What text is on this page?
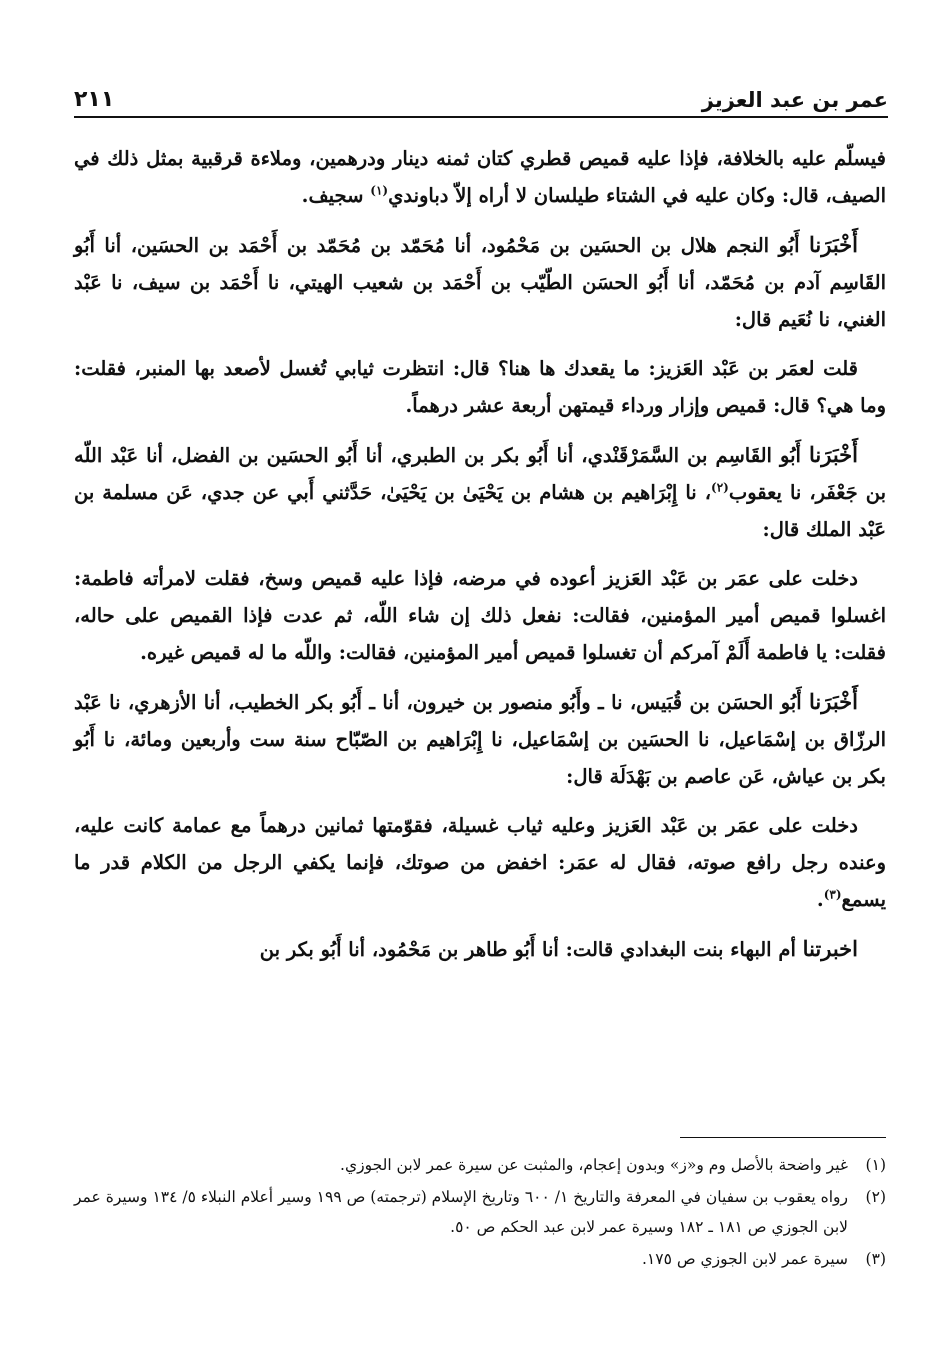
عمر بن عبد العزيز
٢١١

فيسلّم عليه بالخلافة، فإذا عليه قميص قطري كتان ثمنه دينار ودرهمين، وملاءة قرقبية بمثل ذلك في الصيف، قال: وكان عليه في الشتاء طيلسان لا أراه إلاّ دباوندي$^{(١)}$ سجيف.

أَخْبَرَنا أَبُو النجم هلال بن الحسَين بن مَحْمُود، أنا مُحَمّد بن مُحَمّد بن أَحْمَد بن الحسَين، أنا أَبُو القَاسِم آدم بن مُحَمّد، أنا أَبُو الحسَن الطّيّب بن أَحْمَد بن شعيب الهيتي، نا أَحْمَد بن سيف، نا عَبْد الغني، نا نُعَيم قال:

قلت لعمَر بن عَبْد العَزيز: ما يقعدك ها هنا؟ قال: انتظرت ثيابي تُغسل لأصعد بها المنبر، فقلت: وما هي؟ قال: قميص وإزار ورداء قيمتهن أربعة عشر درهماً.

أَخْبَرَنا أَبُو القَاسِم بن السَّمَرْقَنْدي، أنا أَبُو بكر بن الطبري، أنا أَبُو الحسَين بن الفضل، أنا عَبْد اللّه بن جَعْفَر، نا يعقوب$^{(٢)}$، نا إِبْرَاهيم بن هشام بن يَحْيَىٰ بن يَحْيَىٰ، حَدَّثني أَبي عن جدي، عَن مسلمة بن عَبْد الملك قال:

دخلت على عمَر بن عَبْد العَزيز أعوده في مرضه، فإذا عليه قميص وسخ، فقلت لامرأته فاطمة: اغسلوا قميص أمير المؤمنين، فقالت: نفعل ذلك إن شاء اللّه، ثم عدت فإذا القميص على حاله، فقلت: يا فاطمة أَلَمْ آمركم أن تغسلوا قميص أمير المؤمنين، فقالت: واللّه ما له قميص غيره.

أَخْبَرَنا أَبُو الحسَن بن قُبَيس، نا ـ وأَبُو منصور بن خيرون، أنا ـ أَبُو بكر الخطيب، أنا الأزهري، نا عَبْد الرزّاق بن إسْمَاعيل، نا الحسَين بن إسْمَاعيل، نا إِبْرَاهيم بن الصّبّاح سنة ست وأربعين ومائة، نا أَبُو بكر بن عياش، عَن عاصم بن بَهْدَلَة قال:

دخلت على عمَر بن عَبْد العَزيز وعليه ثياب غسيلة، فقوّمتها ثمانين درهماً مع عمامة كانت عليه، وعنده رجل رافع صوته، فقال له عمَر: اخفض من صوتك، فإنما يكفي الرجل من الكلام قدر ما يسمع$^{(٣)}$.

اخبرتنا أم البهاء بنت البغدادي قالت: أنا أَبُو طاهر بن مَحْمُود، أنا أَبُو بكر بن

(١)
غير واضحة بالأصل وم و«ز» وبدون إعجام، والمثبت عن سيرة عمر لابن الجوزي.
(٢)
رواه يعقوب بن سفيان في المعرفة والتاريخ ١/ ٦٠٠ وتاريخ الإسلام (ترجمته) ص ١٩٩ وسير أعلام النبلاء ٥/ ١٣٤ وسيرة عمر لابن الجوزي ص ١٨١ ـ ١٨٢ وسيرة عمر لابن عبد الحكم ص ٥٠.
(٣)
سيرة عمر لابن الجوزي ص ١٧٥.
